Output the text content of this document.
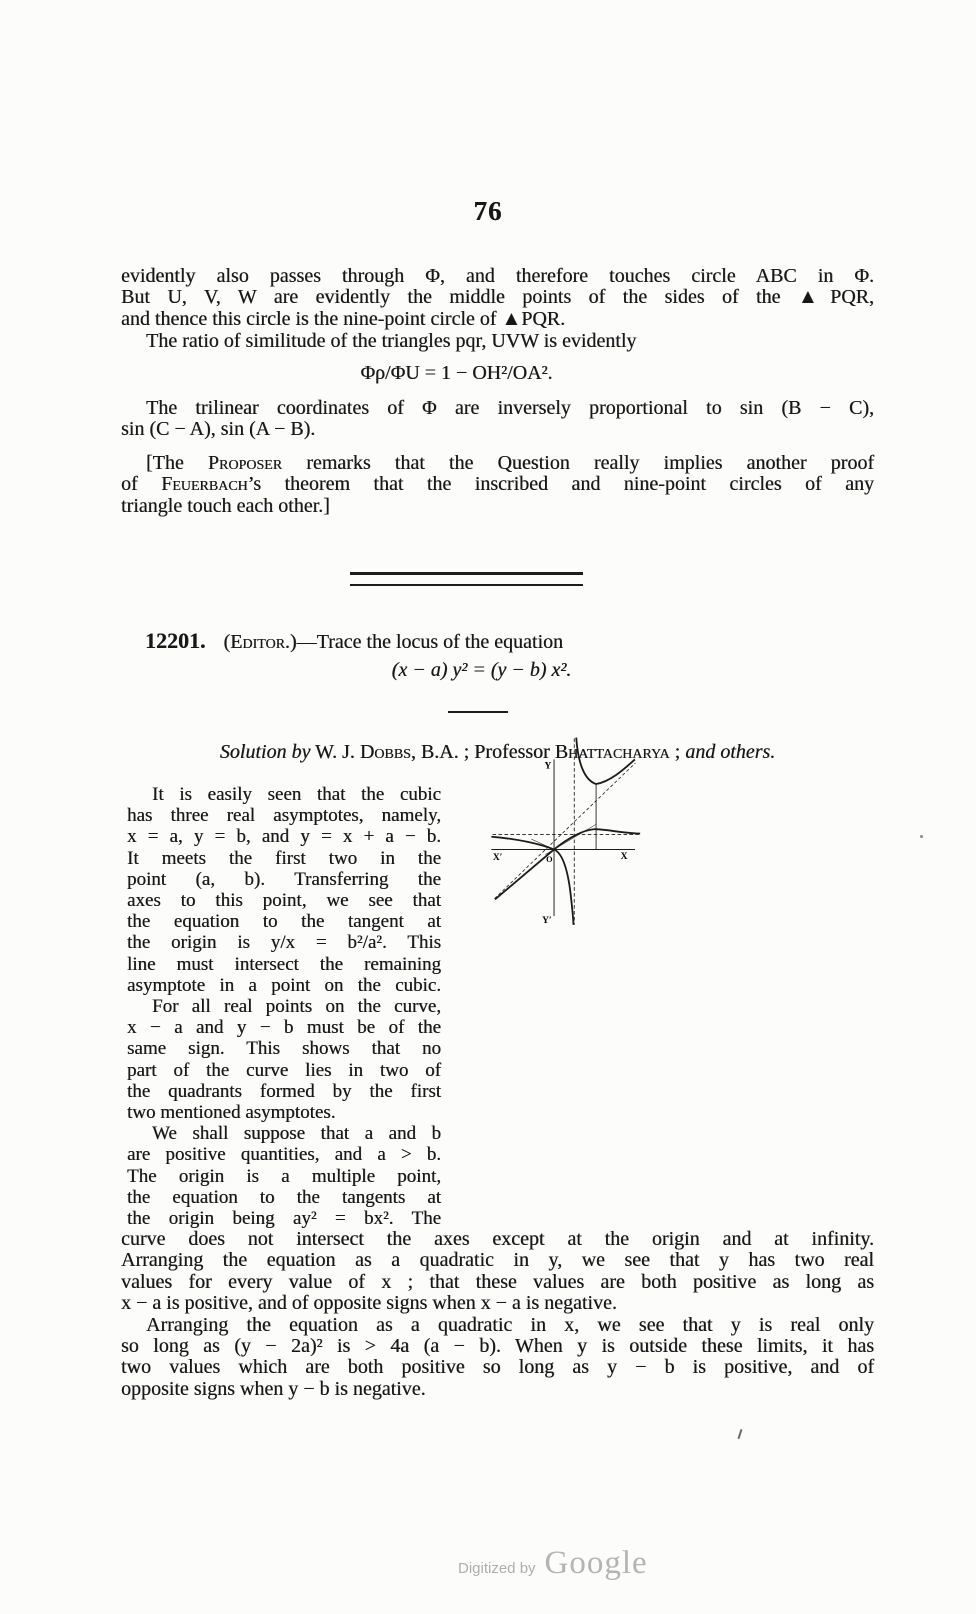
76
evidently also passes through Φ, and therefore touches circle ABC in Φ.
But U, V, W are evidently the middle points of the sides of the ▲PQR,
and thence this circle is the nine-point circle of ▲PQR.
The ratio of similitude of the triangles pqr, UVW is evidently
Φρ/ΦU = 1 − OH²/OA².
The trilinear coordinates of Φ are inversely proportional to sin (B − C),
sin (C − A), sin (A − B).
[The Proposer remarks that the Question really implies another proof
of Feuerbach’s theorem that the inscribed and nine-point circles of any
triangle touch each other.]
12201. (Editor.)—Trace the locus of the equation
(x − a) y² = (y − b) x².
Solution by W. J. Dobbs, B.A. ; Professor Bhattacharya ; and others.
It is easily seen that the cubic
has three real asymptotes, namely,
x = a, y = b, and y = x + a − b.
It meets the first two in the
point (a, b). Transferring the
axes to this point, we see that
the equation to the tangent at
the origin is y/x = b²/a². This
line must intersect the remaining
asymptote in a point on the cubic.
For all real points on the curve,
x − a and y − b must be of the
same sign. This shows that no
part of the curve lies in two of
the quadrants formed by the first
two mentioned asymptotes.
We shall suppose that a and b
are positive quantities, and a > b.
The origin is a multiple point,
the equation to the tangents at
the origin being ay² = bx². The
Y
Y′
X′	X
O
curve does not intersect the axes except at the origin and at infinity.
Arranging the equation as a quadratic in y, we see that y has two real
values for every value of x ; that these values are both positive as long as
x − a is positive, and of opposite signs when x − a is negative.
Arranging the equation as a quadratic in x, we see that y is real only
so long as (y − 2a)² is > 4a (a − b). When y is outside these limits, it has
two values which are both positive so long as y − b is positive, and of
opposite signs when y − b is negative.
Digitized by Google
